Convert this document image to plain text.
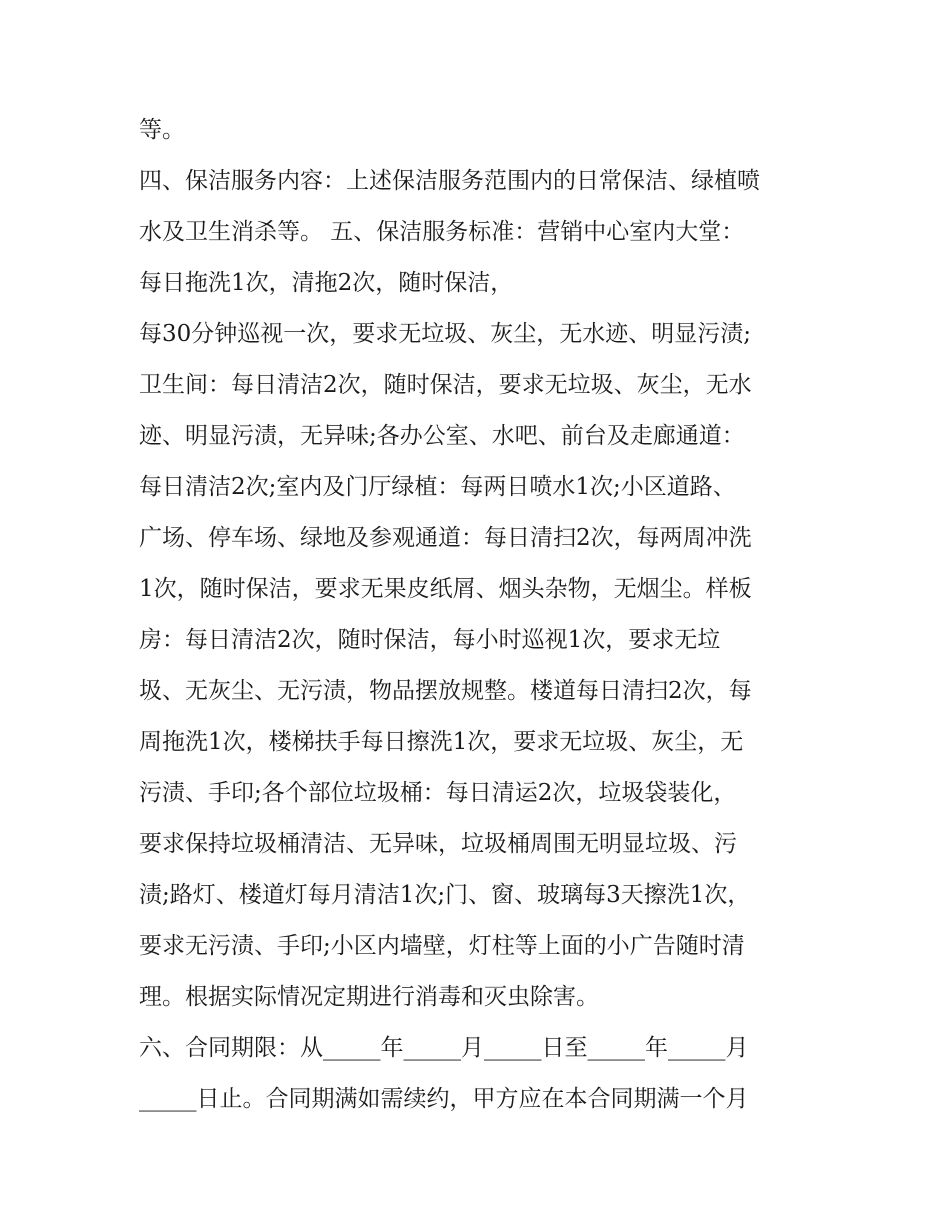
等。
四、保洁服务内容：上述保洁服务范围内的日常保洁、绿植喷
水及卫生消杀等。 五、保洁服务标准：营销中心室内大堂：
每日拖洗1次，清拖2次，随时保洁，
每30分钟巡视一次，要求无垃圾、灰尘，无水迹、明显污渍;
卫生间：每日清洁2次，随时保洁，要求无垃圾、灰尘，无水
迹、明显污渍，无异味;各办公室、水吧、前台及走廊通道：
每日清洁2次;室内及门厅绿植：每两日喷水1次;小区道路、
广场、停车场、绿地及参观通道：每日清扫2次，每两周冲洗
1次，随时保洁，要求无果皮纸屑、烟头杂物，无烟尘。样板
房：每日清洁2次，随时保洁，每小时巡视1次，要求无垃
圾、无灰尘、无污渍，物品摆放规整。楼道每日清扫2次，每
周拖洗1次，楼梯扶手每日擦洗1次，要求无垃圾、灰尘，无
污渍、手印;各个部位垃圾桶：每日清运2次，垃圾袋装化，
要求保持垃圾桶清洁、无异味，垃圾桶周围无明显垃圾、污
渍;路灯、楼道灯每月清洁1次;门、窗、玻璃每3天擦洗1次，
要求无污渍、手印;小区内墙壁，灯柱等上面的小广告随时清
理。根据实际情况定期进行消毒和灭虫除害。
六、合同期限：从_____年_____月_____日至_____年_____月
_____日止。合同期满如需续约，甲方应在本合同期满一个月
